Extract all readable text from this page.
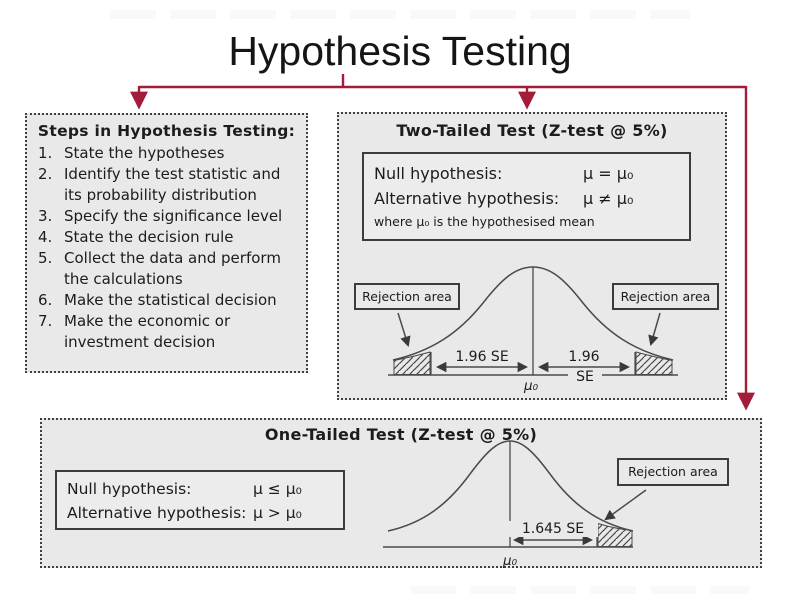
Hypothesis Testing
Steps in Hypothesis Testing:
1. State the hypotheses
2. Identify the test statistic and its probability distribution
3. Specify the significance level
4. State the decision rule
5. Collect the data and perform the calculations
6. Make the statistical decision
7. Make the economic or investment decision
Two-Tailed Test (Z-test @ 5%)
Null hypothesis:	μ = μ₀
Alternative hypothesis: μ ≠ μ₀
where μ₀ is the hypothesised mean
Rejection area	Rejection area
1.96 SE	1.96
SE
μ₀
One-Tailed Test (Z-test @ 5%)
Null hypothesis:	μ ≤ μ₀
Alternative hypothesis: μ > μ₀
Rejection area
1.645 SE
μ₀
